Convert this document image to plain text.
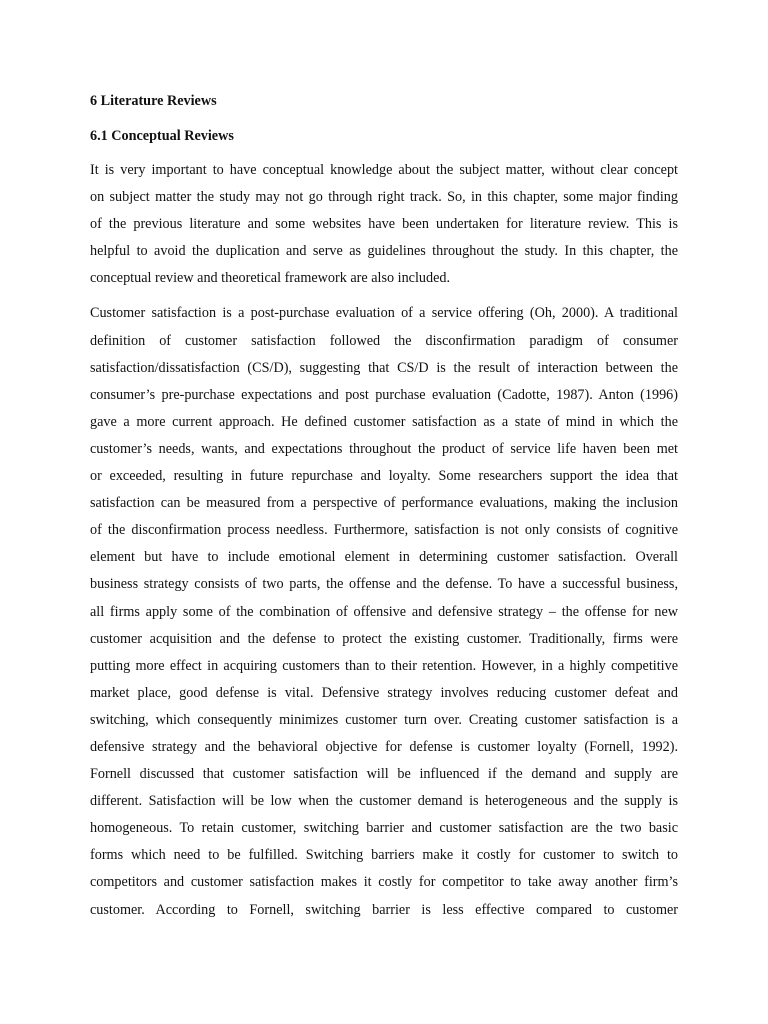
6 Literature Reviews
6.1 Conceptual Reviews
It is very important to have conceptual knowledge about the subject matter, without clear concept
on subject matter the study may not go through right track. So, in this chapter, some major finding
of the previous literature and some websites have been undertaken for literature review. This is
helpful to avoid the duplication and serve as guidelines throughout the study. In this chapter, the
conceptual review and theoretical framework are also included.
Customer satisfaction is a post-purchase evaluation of a service offering (Oh, 2000). A traditional
definition of customer satisfaction followed the disconfirmation paradigm of consumer
satisfaction/dissatisfaction (CS/D), suggesting that CS/D is the result of interaction between the
consumer’s pre-purchase expectations and post purchase evaluation (Cadotte, 1987). Anton (1996)
gave a more current approach. He defined customer satisfaction as a state of mind in which the
customer’s needs, wants, and expectations throughout the product of service life haven been met
or exceeded, resulting in future repurchase and loyalty. Some researchers support the idea that
satisfaction can be measured from a perspective of performance evaluations, making the inclusion
of the disconfirmation process needless. Furthermore, satisfaction is not only consists of cognitive
element but have to include emotional element in determining customer satisfaction. Overall
business strategy consists of two parts, the offense and the defense. To have a successful business,
all firms apply some of the combination of offensive and defensive strategy – the offense for new
customer acquisition and the defense to protect the existing customer. Traditionally, firms were
putting more effect in acquiring customers than to their retention. However, in a highly competitive
market place, good defense is vital. Defensive strategy involves reducing customer defeat and
switching, which consequently minimizes customer turn over. Creating customer satisfaction is a
defensive strategy and the behavioral objective for defense is customer loyalty (Fornell, 1992).
Fornell discussed that customer satisfaction will be influenced if the demand and supply are
different. Satisfaction will be low when the customer demand is heterogeneous and the supply is
homogeneous. To retain customer, switching barrier and customer satisfaction are the two basic
forms which need to be fulfilled. Switching barriers make it costly for customer to switch to
competitors and customer satisfaction makes it costly for competitor to take away another firm’s
customer. According to Fornell, switching barrier is less effective compared to customer
